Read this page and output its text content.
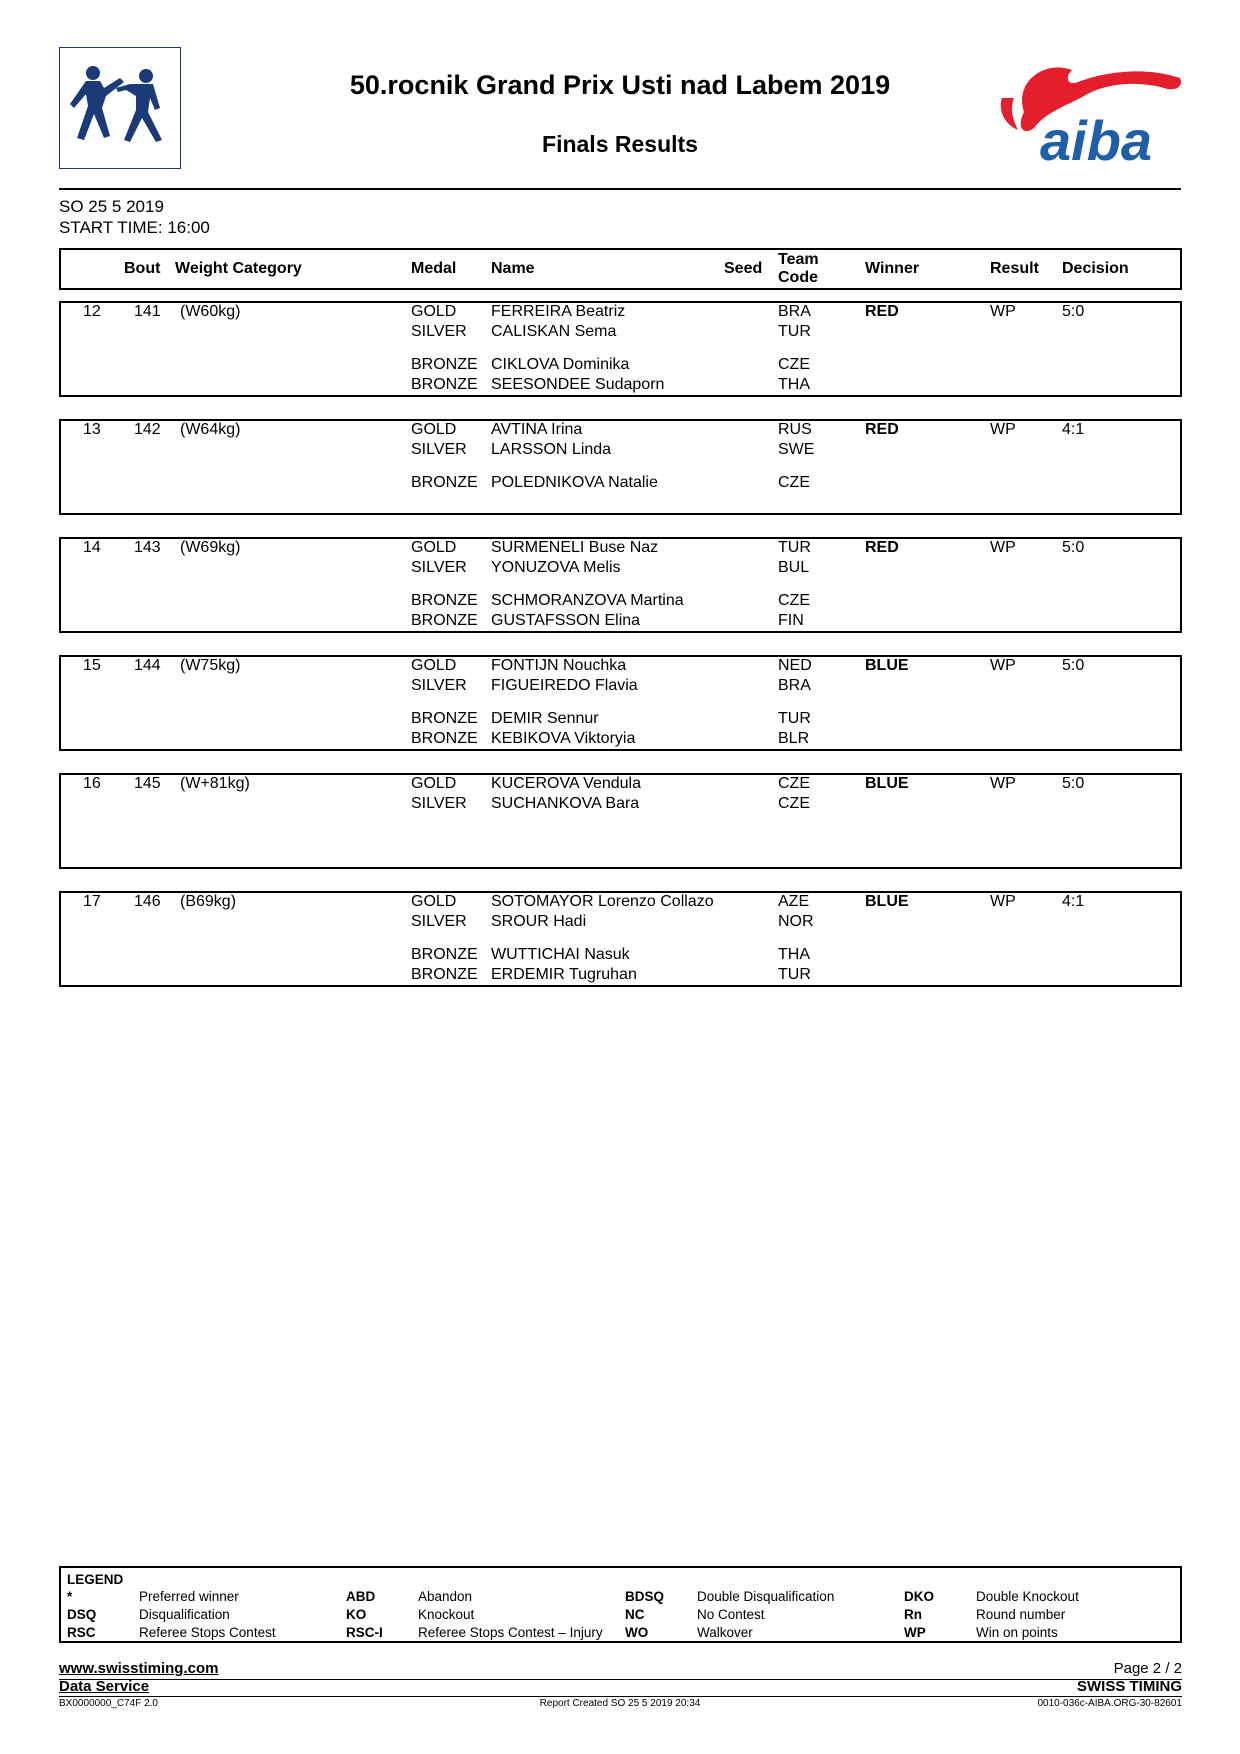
50.rocnik Grand Prix Usti nad Labem 2019
Finals Results	aiba
SO 25 5 2019
START TIME: 16:00
Bout Weight Category	Medal Name	Seed
Team
Code
Winner	Result Decision
12 141 (W60kg)	GOLD FERREIRA Beatriz	BRA	RED	WP	5:0
SILVER CALISKAN Sema	TUR
BRONZE CIKLOVA Dominika	CZE
BRONZE SEESONDEE Sudaporn	THA
13 142 (W64kg)	GOLD AVTINA Irina	RUS	RED	WP	4:1
SILVER LARSSON Linda	SWE
BRONZE POLEDNIKOVA Natalie	CZE
14 143 (W69kg)	GOLD SURMENELI Buse Naz	TUR	RED	WP	5:0
SILVER YONUZOVA Melis	BUL
BRONZE SCHMORANZOVA Martina	CZE
BRONZE GUSTAFSSON Elina	FIN
15 144 (W75kg)	GOLD FONTIJN Nouchka	NED	BLUE	WP	5:0
SILVER FIGUEIREDO Flavia	BRA
BRONZE DEMIR Sennur	TUR
BRONZE KEBIKOVA Viktoryia	BLR
16 145 (W+81kg)	GOLD KUCEROVA Vendula	CZE	BLUE	WP	5:0
SILVER SUCHANKOVA Bara	CZE
17 146 (B69kg)	GOLD SOTOMAYOR Lorenzo Collazo	AZE	BLUE	WP	4:1
SILVER SROUR Hadi	NOR
BRONZE WUTTICHAI Nasuk	THA
BRONZE ERDEMIR Tugruhan	TUR
LEGEND
*	Preferred winner	ABD	Abandon	BDSQ Double Disqualification	DKO	Double Knockout
DSQ	Disqualification	KO	Knockout	NC	No Contest	Rn	Round number
RSC	Referee Stops Contest	RSC-I	Referee Stops Contest – Injury WO	Walkover	WP	Win on points
www.swisstiming.com	Page 2 / 2
Data Service	SWISS TIMING
BX0000000_C74F 2.0	Report Created SO 25 5 2019 20:34	0010-036c-AIBA.ORG-30-82601
